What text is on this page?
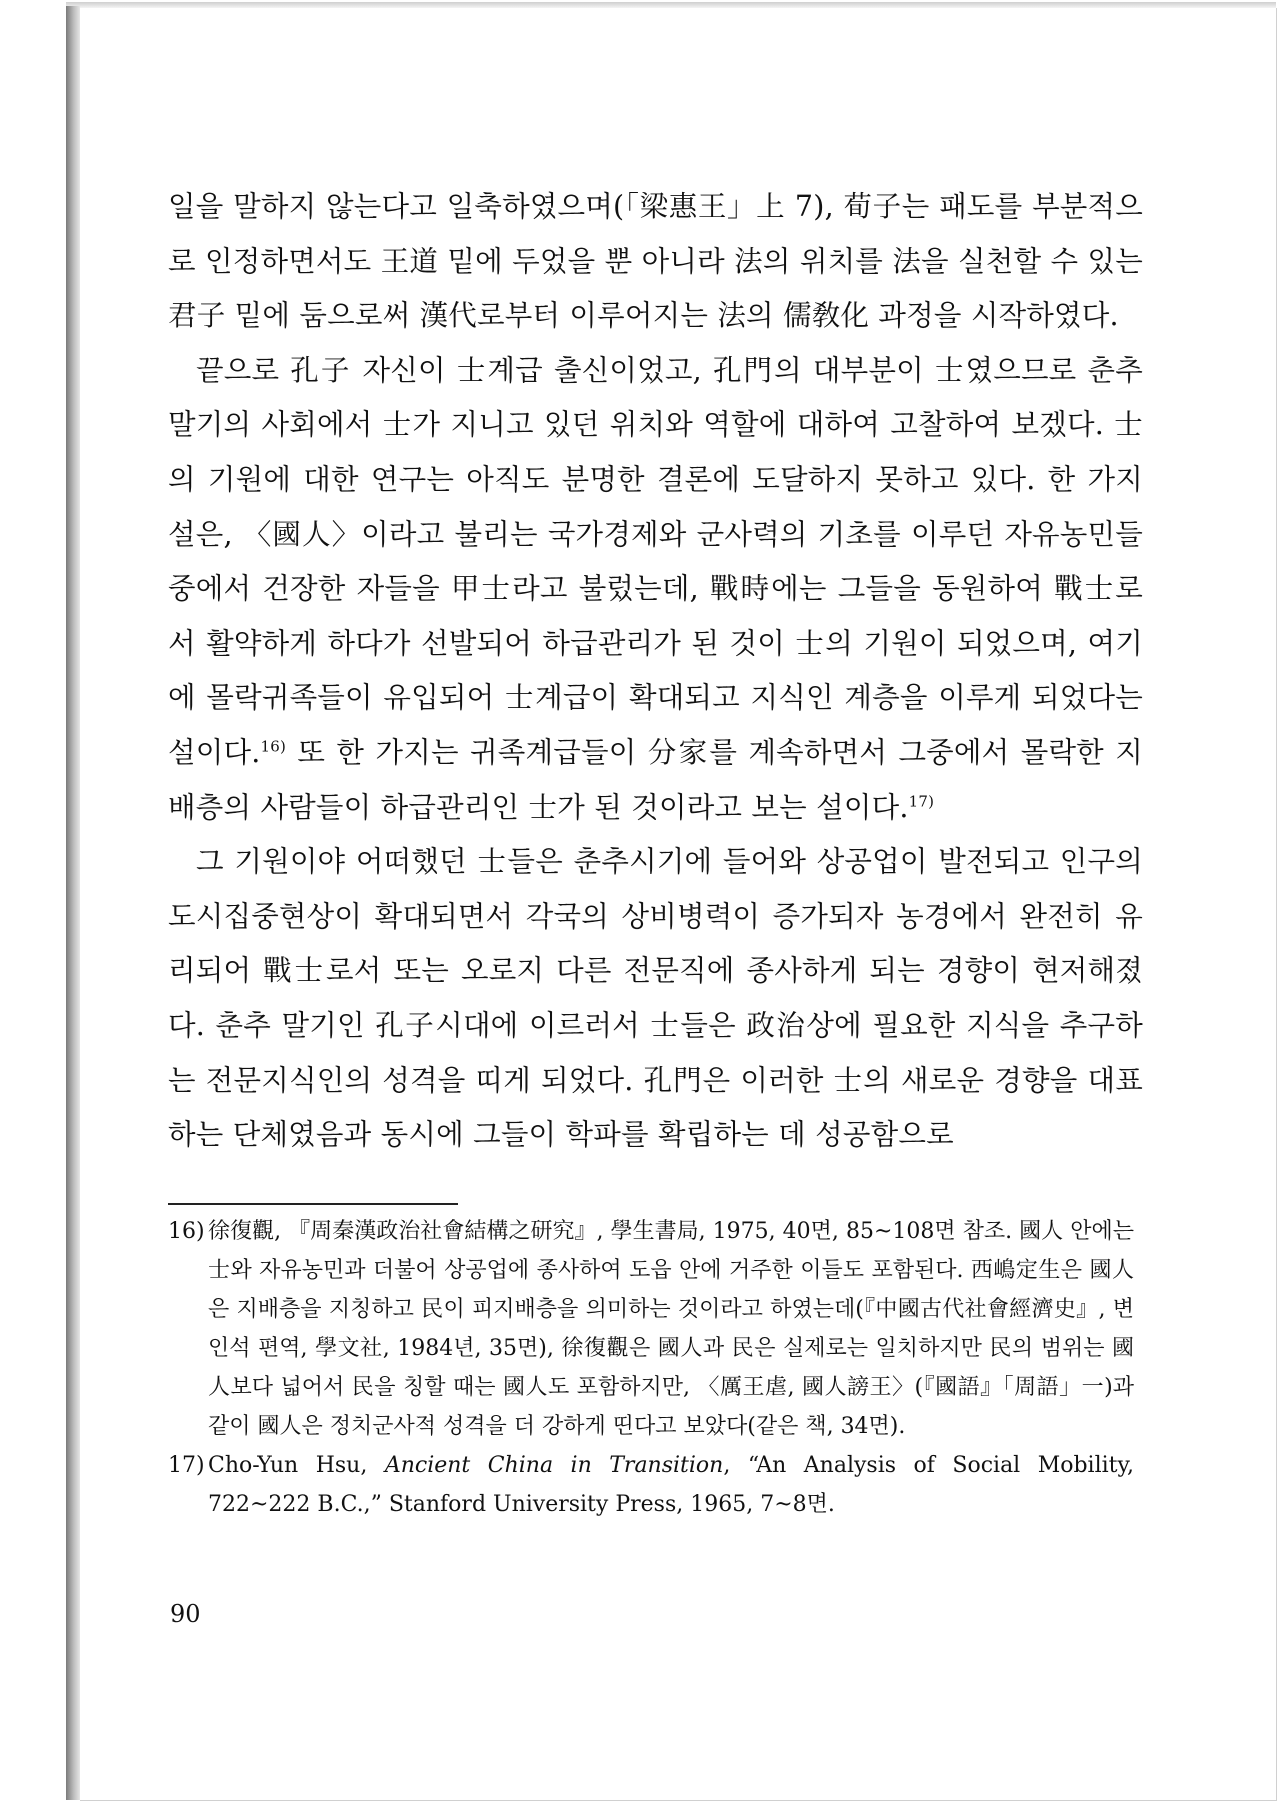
일을 말하지 않는다고 일축하였으며(「梁惠王」上 7), 荀子는 패도를 부분적으로 인정하면서도 王道 밑에 두었을 뿐 아니라 法의 위치를 法을 실천할 수 있는 君子 밑에 둠으로써 漢代로부터 이루어지는 法의 儒敎化 과정을 시작하였다.

끝으로 孔子 자신이 士계급 출신이었고, 孔門의 대부분이 士였으므로 춘추 말기의 사회에서 士가 지니고 있던 위치와 역할에 대하여 고찰하여 보겠다. 士의 기원에 대한 연구는 아직도 분명한 결론에 도달하지 못하고 있다. 한 가지 설은, 〈國人〉이라고 불리는 국가경제와 군사력의 기초를 이루던 자유농민들 중에서 건장한 자들을 甲士라고 불렀는데, 戰時에는 그들을 동원하여 戰士로서 활약하게 하다가 선발되어 하급관리가 된 것이 士의 기원이 되었으며, 여기에 몰락귀족들이 유입되어 士계급이 확대되고 지식인 계층을 이루게 되었다는 설이다.$^{16)}$ 또 한 가지는 귀족계급들이 分家를 계속하면서 그중에서 몰락한 지배층의 사람들이 하급관리인 士가 된 것이라고 보는 설이다.$^{17)}$

그 기원이야 어떠했던 士들은 춘추시기에 들어와 상공업이 발전되고 인구의 도시집중현상이 확대되면서 각국의 상비병력이 증가되자 농경에서 완전히 유리되어 戰士로서 또는 오로지 다른 전문직에 종사하게 되는 경향이 현저해졌다. 춘추 말기인 孔子시대에 이르러서 士들은 政治상에 필요한 지식을 추구하는 전문지식인의 성격을 띠게 되었다. 孔門은 이러한 士의 새로운 경향을 대표하는 단체였음과 동시에 그들이 학파를 확립하는 데 성공함으로

16) 徐復觀, 『周秦漢政治社會結構之研究』, 學生書局, 1975, 40면, 85~108면 참조. 國人 안에는 士와 자유농민과 더불어 상공업에 종사하여 도읍 안에 거주한 이들도 포함된다. 西嶋定生은 國人은 지배층을 지칭하고 民이 피지배층을 의미하는 것이라고 하였는데(『中國古代社會經濟史』, 변인석 편역, 學文社, 1984년, 35면), 徐復觀은 國人과 民은 실제로는 일치하지만 民의 범위는 國人보다 넓어서 民을 칭할 때는 國人도 포함하지만, 〈厲王虐, 國人謗王〉(『國語』「周語」一)과 같이 國人은 정치군사적 성격을 더 강하게 띤다고 보았다(같은 책, 34면).

17) Cho-Yun Hsu, Ancient China in Transition, “An Analysis of Social Mobility, 722~222 B.C.,” Stanford University Press, 1965, 7~8면.

90
